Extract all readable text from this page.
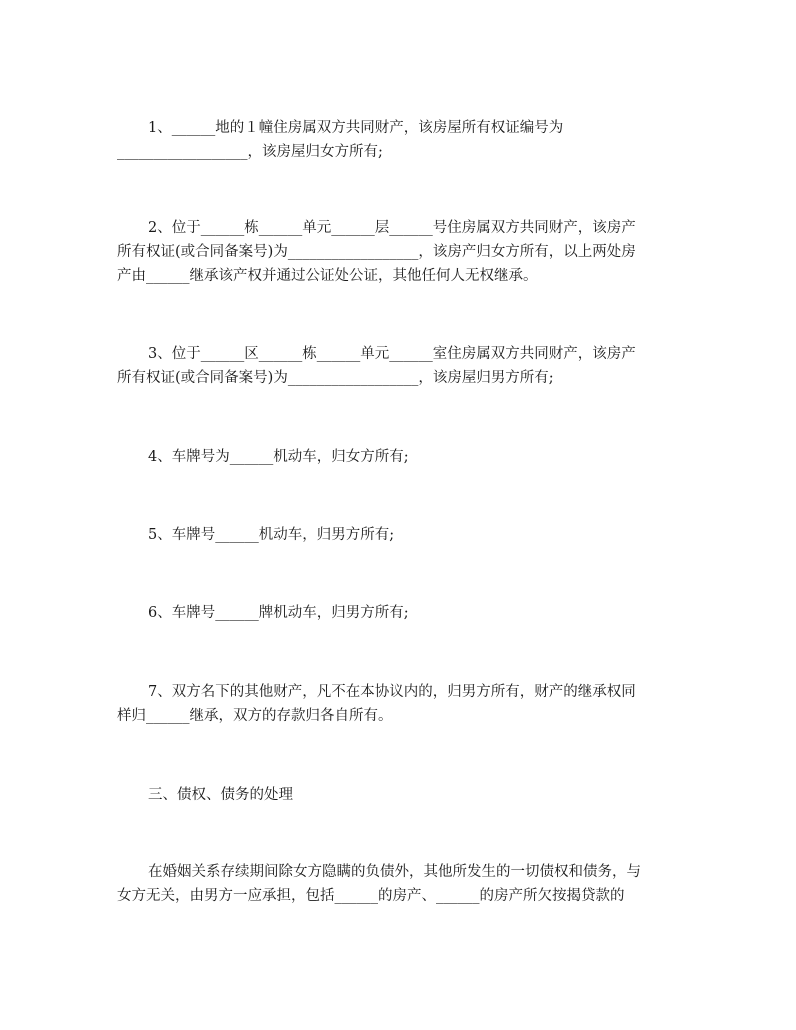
1、______地的１幢住房属双方共同财产，该房屋所有权证编号为
__________________，该房屋归女方所有;
2、位于______栋______单元______层______号住房属双方共同财产，该房产
所有权证(或合同备案号)为__________________，该房产归女方所有，以上两处房
产由______继承该产权并通过公证处公证，其他任何人无权继承。
3、位于______区______栋______单元______室住房属双方共同财产，该房产
所有权证(或合同备案号)为__________________，该房屋归男方所有;
4、车牌号为______机动车，归女方所有;
5、车牌号______机动车，归男方所有;
6、车牌号______牌机动车，归男方所有;
7、双方名下的其他财产，凡不在本协议内的，归男方所有，财产的继承权同
样归______继承，双方的存款归各自所有。
三、债权、债务的处理
在婚姻关系存续期间除女方隐瞒的负债外，其他所发生的一切债权和债务，与
女方无关，由男方一应承担，包括______的房产、______的房产所欠按揭贷款的
